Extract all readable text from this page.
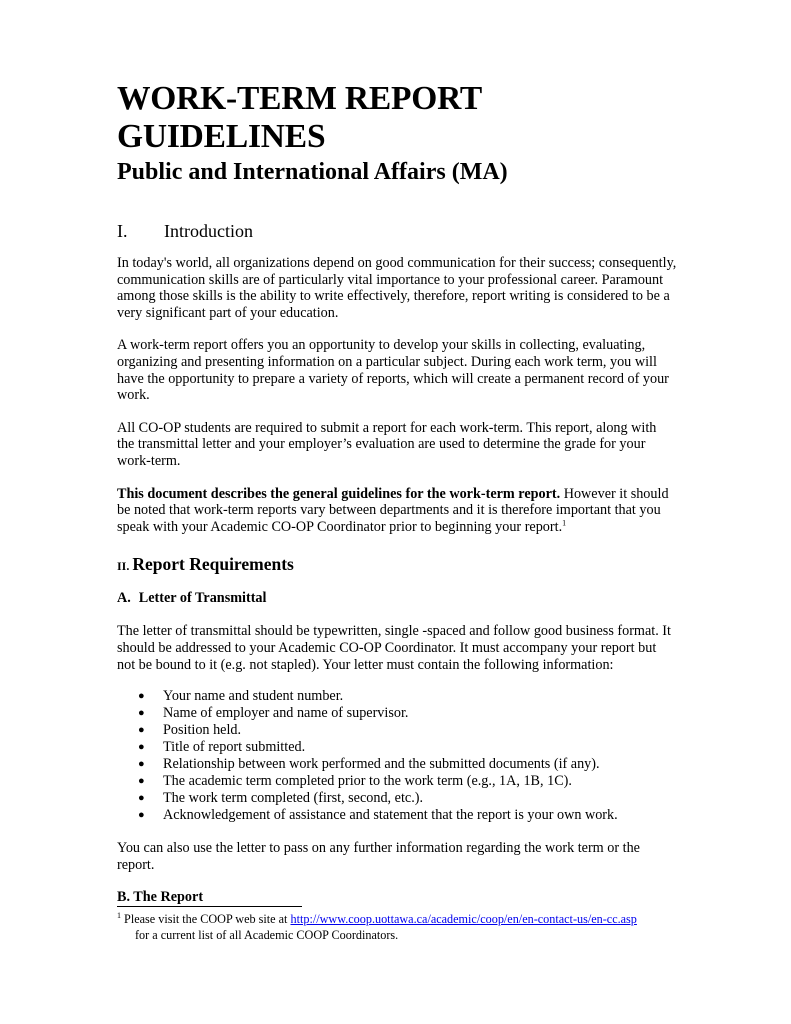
WORK-TERM REPORT GUIDELINES
Public and International Affairs (MA)
I.	Introduction

In today's world, all organizations depend on good communication for their success; consequently, communication skills are of particularly vital importance to your professional career. Paramount among those skills is the ability to write effectively, therefore, report writing is considered to be a very significant part of your education.

A work-term report offers you an opportunity to develop your skills in collecting, evaluating, organizing and presenting information on a particular subject. During each work term, you will have the opportunity to prepare a variety of reports, which will create a permanent record of your work.

All CO-OP students are required to submit a report for each work-term. This report, along with the transmittal letter and your employer’s evaluation are used to determine the grade for your work-term.

This document describes the general guidelines for the work-term report. However it should be noted that work-term reports vary between departments and it is therefore important that you speak with your Academic CO-OP Coordinator prior to beginning your report.$^1$

II. Report Requirements
A. Letter of Transmittal

The letter of transmittal should be typewritten, single -spaced and follow good business format. It should be addressed to your Academic CO-OP Coordinator. It must accompany your report but not be bound to it (e.g. not stapled). Your letter must contain the following information:

● Your name and student number.
● Name of employer and name of supervisor.
● Position held.
● Title of report submitted.
● Relationship between work performed and the submitted documents (if any).
● The academic term completed prior to the work term (e.g., 1A, 1B, 1C).
● The work term completed (first, second, etc.).
● Acknowledgement of assistance and statement that the report is your own work.

You can also use the letter to pass on any further information regarding the work term or the report.

B. The Report
$^1$ Please visit the COOP web site at http://www.coop.uottawa.ca/academic/coop/en/en-contact-us/en-cc.asp
for a current list of all Academic COOP Coordinators.
